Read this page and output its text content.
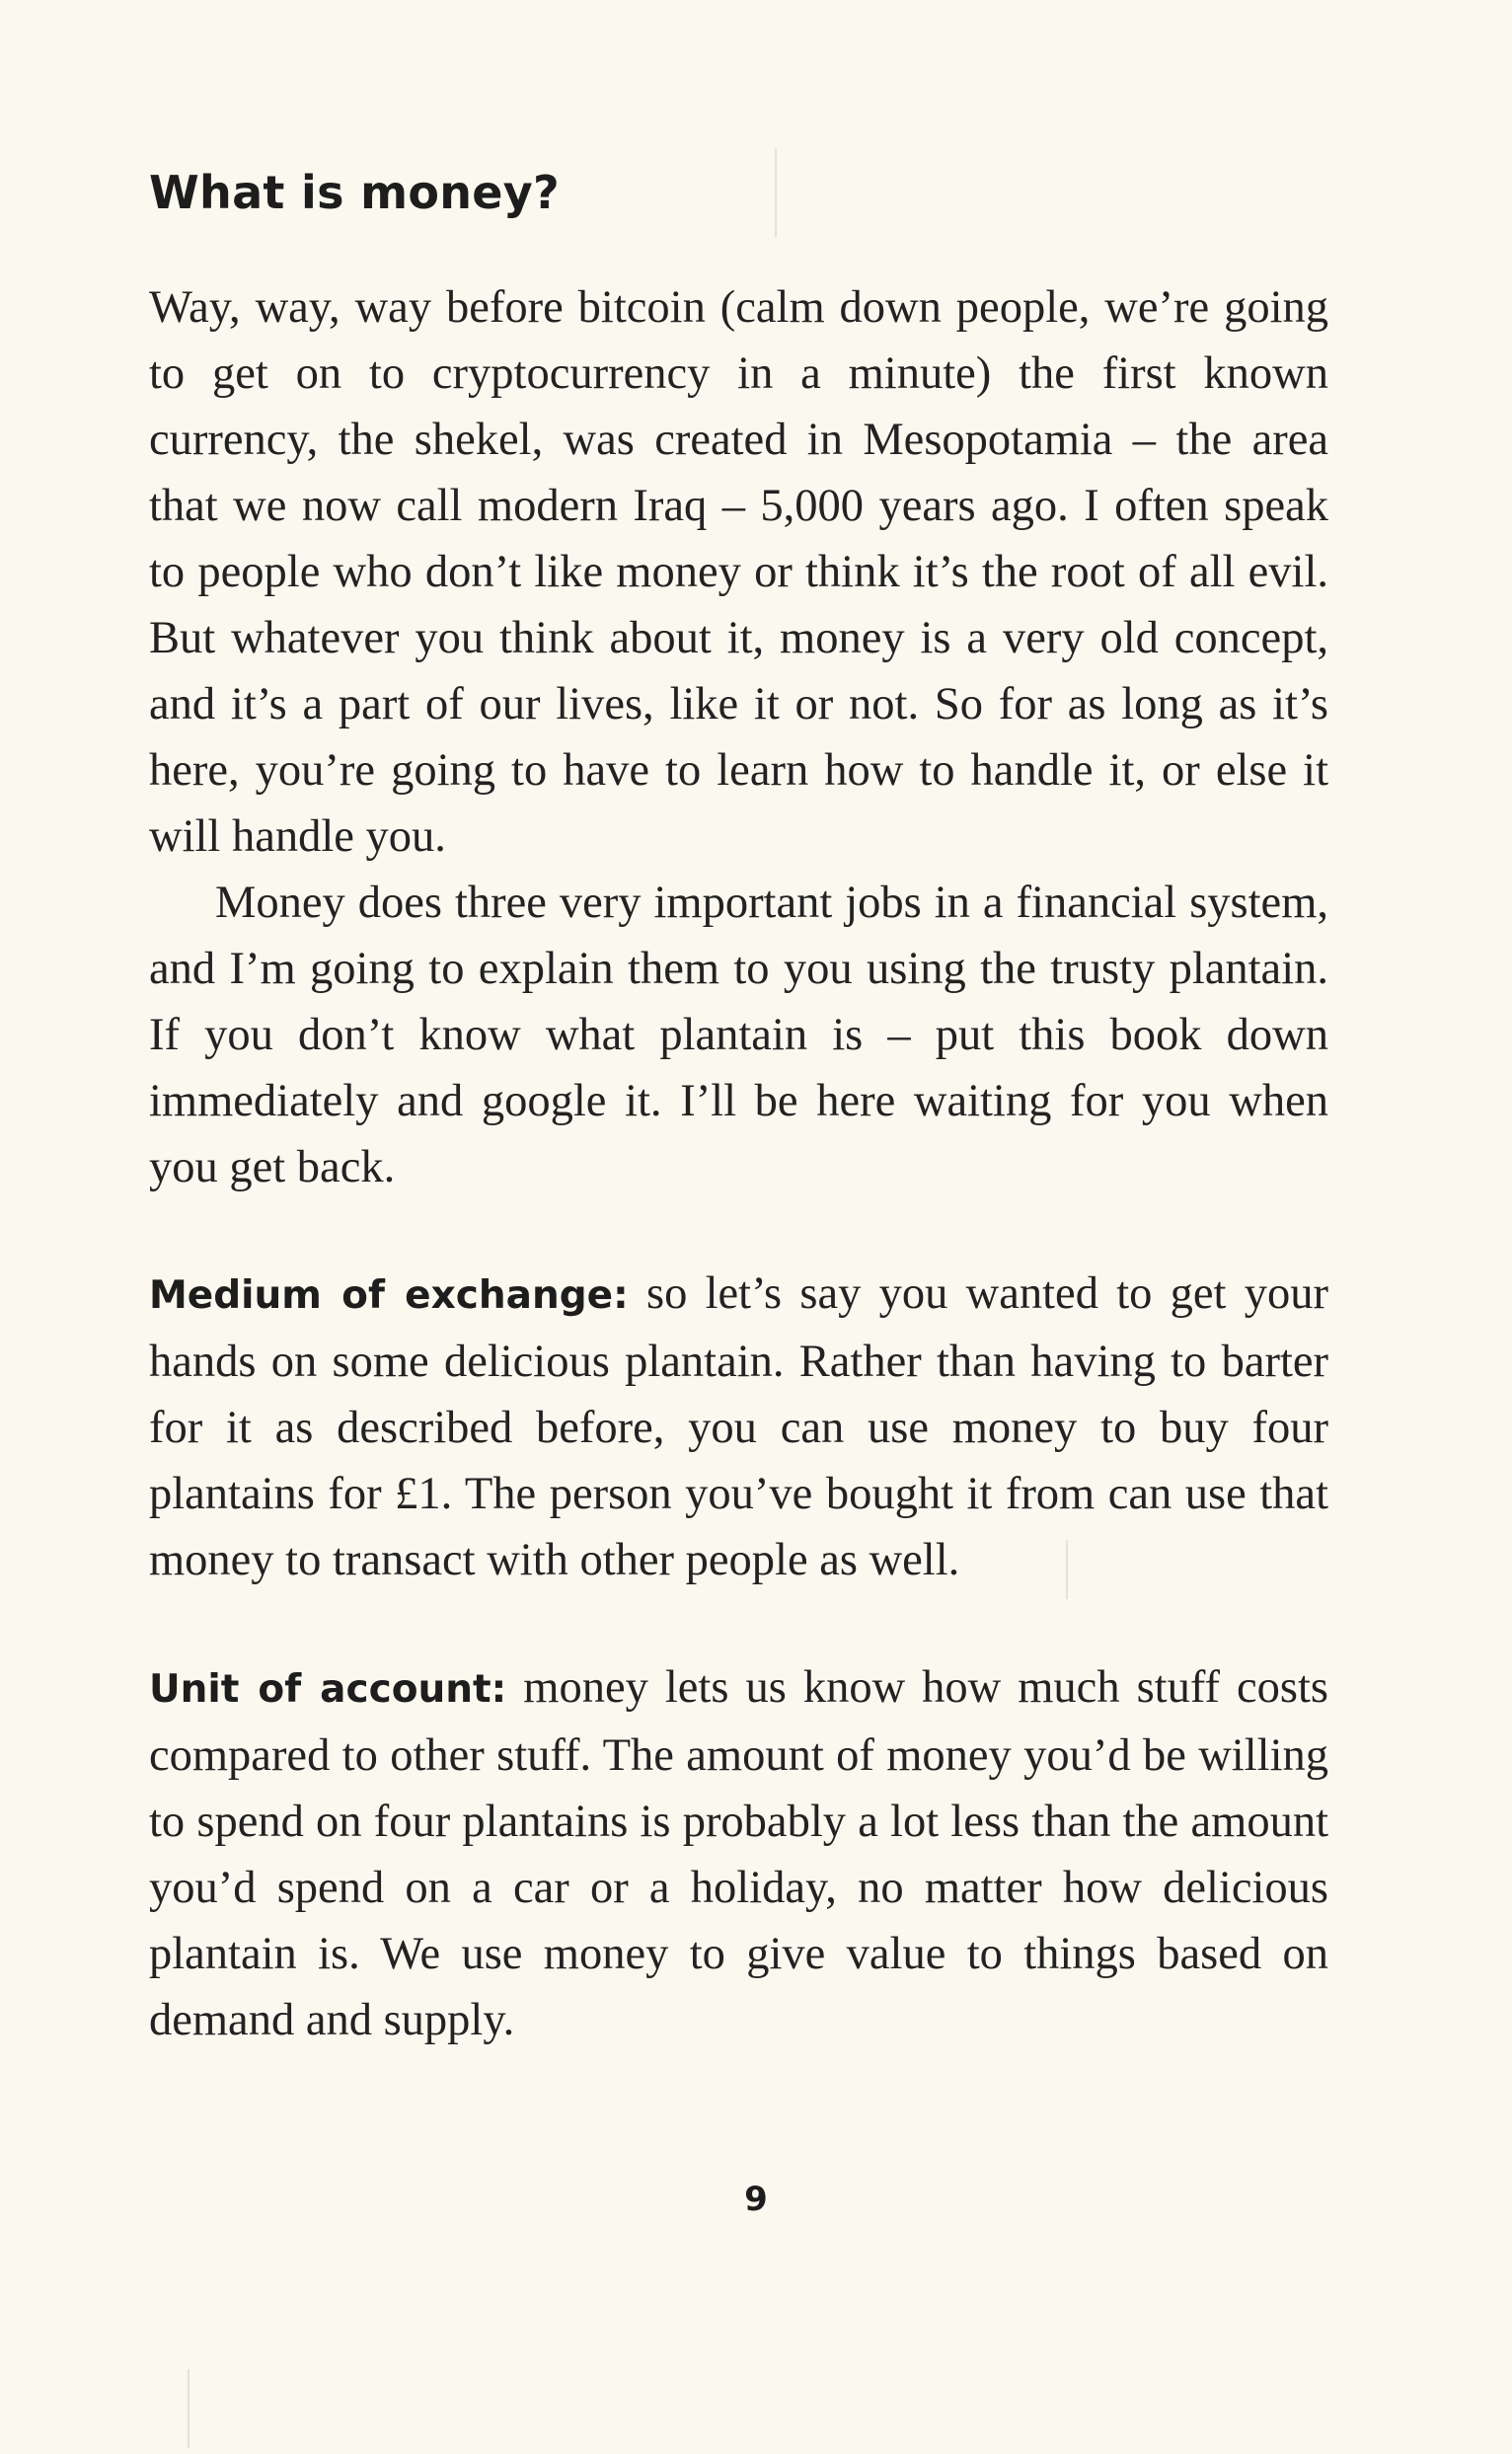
What is money?

Way, way, way before bitcoin (calm down people, we’re going to get on to cryptocurrency in a minute) the first known currency, the shekel, was created in Mesopotamia – the area that we now call modern Iraq – 5,000 years ago. I often speak to people who don’t like money or think it’s the root of all evil. But whatever you think about it, money is a very old concept, and it’s a part of our lives, like it or not. So for as long as it’s here, you’re going to have to learn how to handle it, or else it will handle you.

Money does three very important jobs in a financial system, and I’m going to explain them to you using the trusty plantain. If you don’t know what plantain is – put this book down immediately and google it. I’ll be here waiting for you when you get back.

Medium of exchange: so let’s say you wanted to get your hands on some delicious plantain. Rather than having to barter for it as described before, you can use money to buy four plantains for £1. The person you’ve bought it from can use that money to transact with other people as well.

Unit of account: money lets us know how much stuff costs compared to other stuff. The amount of money you’d be willing to spend on four plantains is probably a lot less than the amount you’d spend on a car or a holiday, no matter how delicious plantain is. We use money to give value to things based on demand and supply.

9
